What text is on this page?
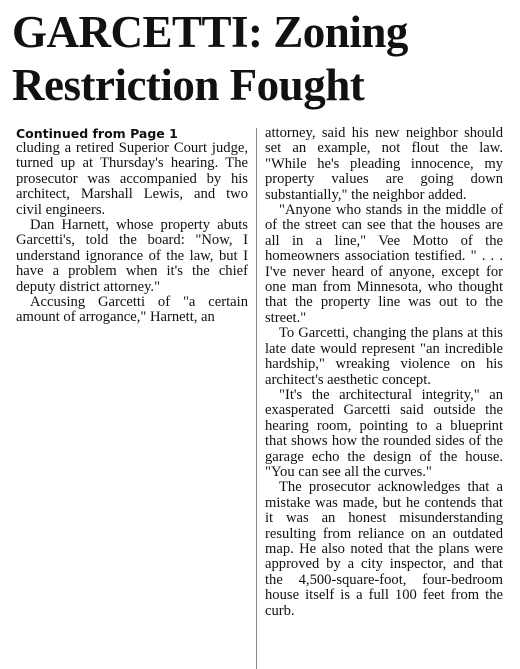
GARCETTI: Zoning
Restriction Fought

Continued from Page 1

cluding a retired Superior Court judge, turned up at Thursday's hearing. The prosecutor was accompanied by his architect, Marshall Lewis, and two civil engineers.

Dan Harnett, whose property abuts Garcetti's, told the board: "Now, I understand ignorance of the law, but I have a problem when it's the chief deputy district attorney."

Accusing Garcetti of "a certain amount of arrogance," Harnett, an

attorney, said his new neighbor should set an example, not flout the law. "While he's pleading innocence, my property values are going down substantially," the neighbor added.

"Anyone who stands in the middle of of the street can see that the houses are all in a line," Vee Motto of the homeowners association testified. " . . . I've never heard of anyone, except for one man from Minnesota, who thought that the property line was out to the street."

To Garcetti, changing the plans at this late date would represent "an incredible hardship," wreaking violence on his architect's aesthetic concept.

"It's the architectural integrity," an exasperated Garcetti said outside the hearing room, pointing to a blueprint that shows how the rounded sides of the garage echo the design of the house. "You can see all the curves."

The prosecutor acknowledges that a mistake was made, but he contends that it was an honest misunderstanding resulting from reliance on an outdated map. He also noted that the plans were approved by a city inspector, and that the 4,500-square-foot, four-bedroom house itself is a full 100 feet from the curb.
